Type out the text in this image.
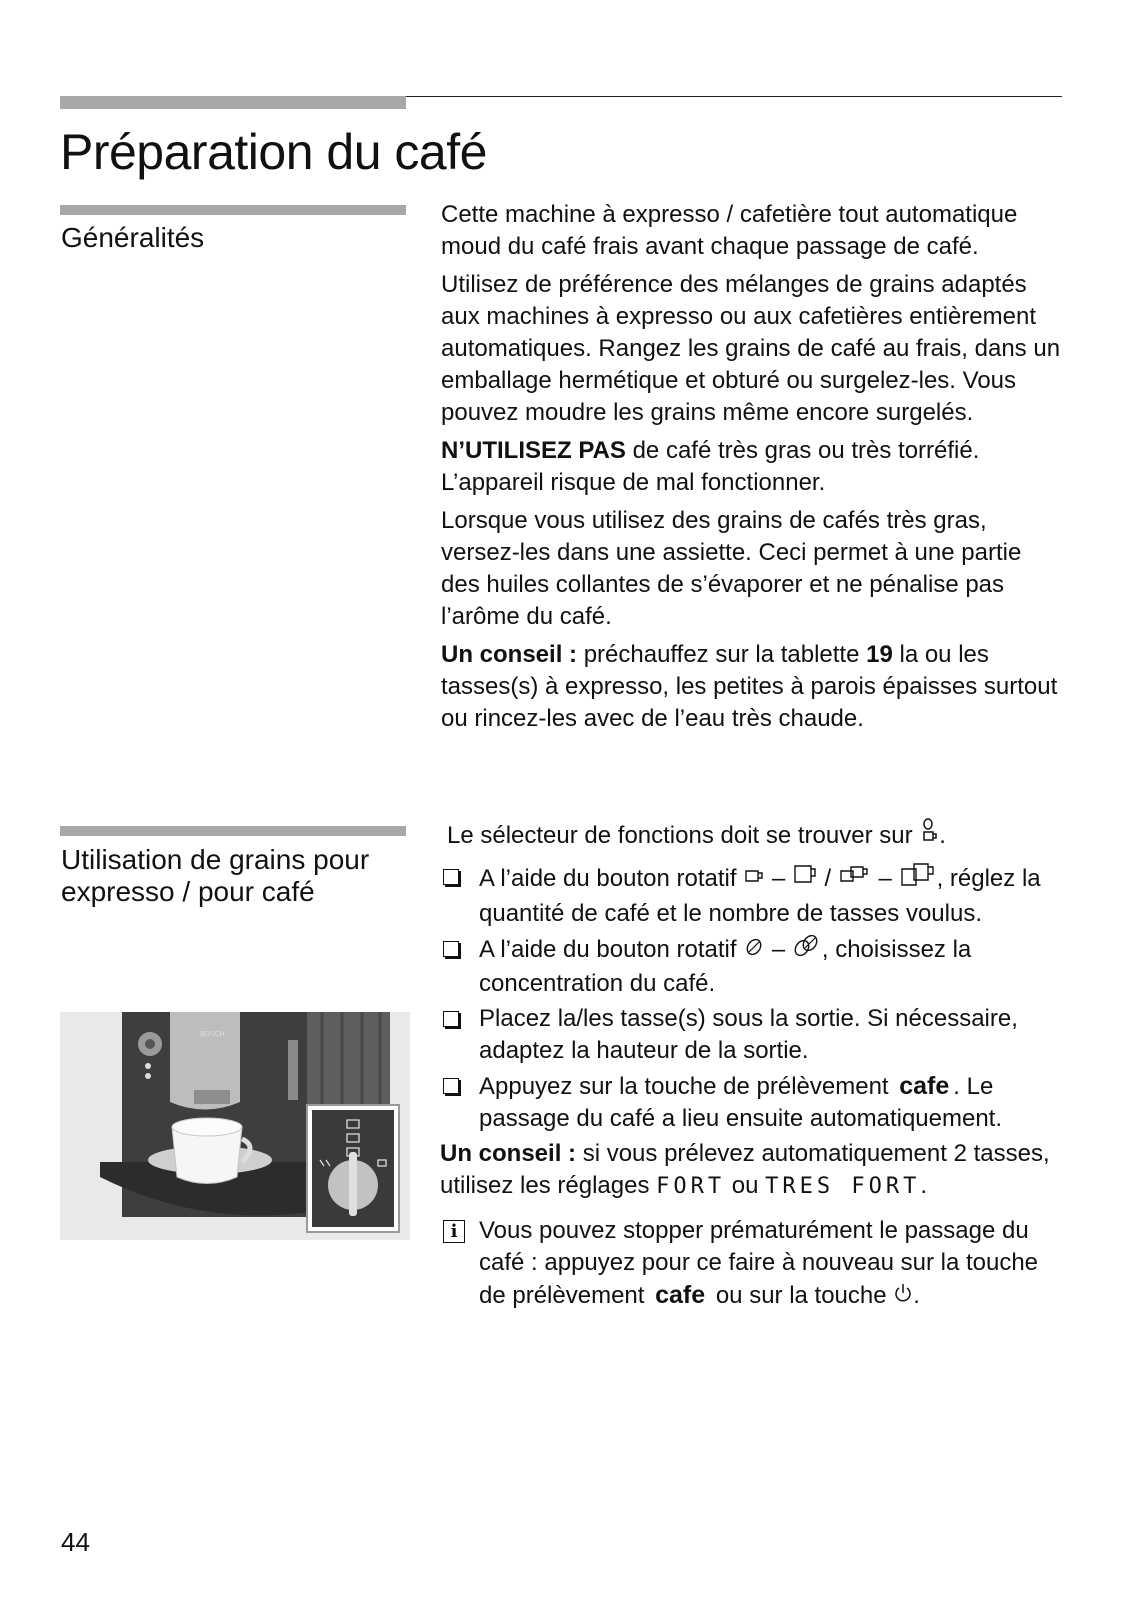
Préparation du café
Généralités

Cette machine à expresso / cafetière tout automatique moud du café frais avant chaque passage de café.

Utilisez de préférence des mélanges de grains adaptés aux machines à expresso ou aux cafetières entièrement automatiques. Rangez les grains de café au frais, dans un emballage hermétique et obturé ou surgelez-les. Vous pouvez moudre les grains même encore surgelés.

N’UTILISEZ PAS de café très gras ou très torréfié. L’appareil risque de mal fonctionner.

Lorsque vous utilisez des grains de cafés très gras, versez-les dans une assiette. Ceci permet à une partie des huiles collantes de s’évaporer et ne pénalise pas l’arôme du café.

Un conseil : préchauffez sur la tablette 19 la ou les tasses(s) à expresso, les petites à parois épaisses surtout ou rincez-les avec de l’eau très chaude.

Utilisation de grains pour expresso / pour café
BOSCH

Le sélecteur de fonctions doit se trouver sur .

A l’aide du bouton rotatif  –  /  – , réglez la quantité de café et le nombre de tasses voulus.
A l’aide du bouton rotatif  – , choisissez la concentration du café.
Placez la/les tasse(s) sous la sortie. Si nécessaire, adaptez la hauteur de la sortie.
Appuyez sur la touche de prélèvement cafe . Le passage du café a lieu ensuite automatiquement.

Un conseil : si vous prélevez automatiquement 2 tasses, utilisez les réglages FORT ou TRES FORT.

i Vous pouvez stopper prématurément le passage du café : appuyez pour ce faire à nouveau sur la touche de prélèvement cafe ou sur la touche .
44
